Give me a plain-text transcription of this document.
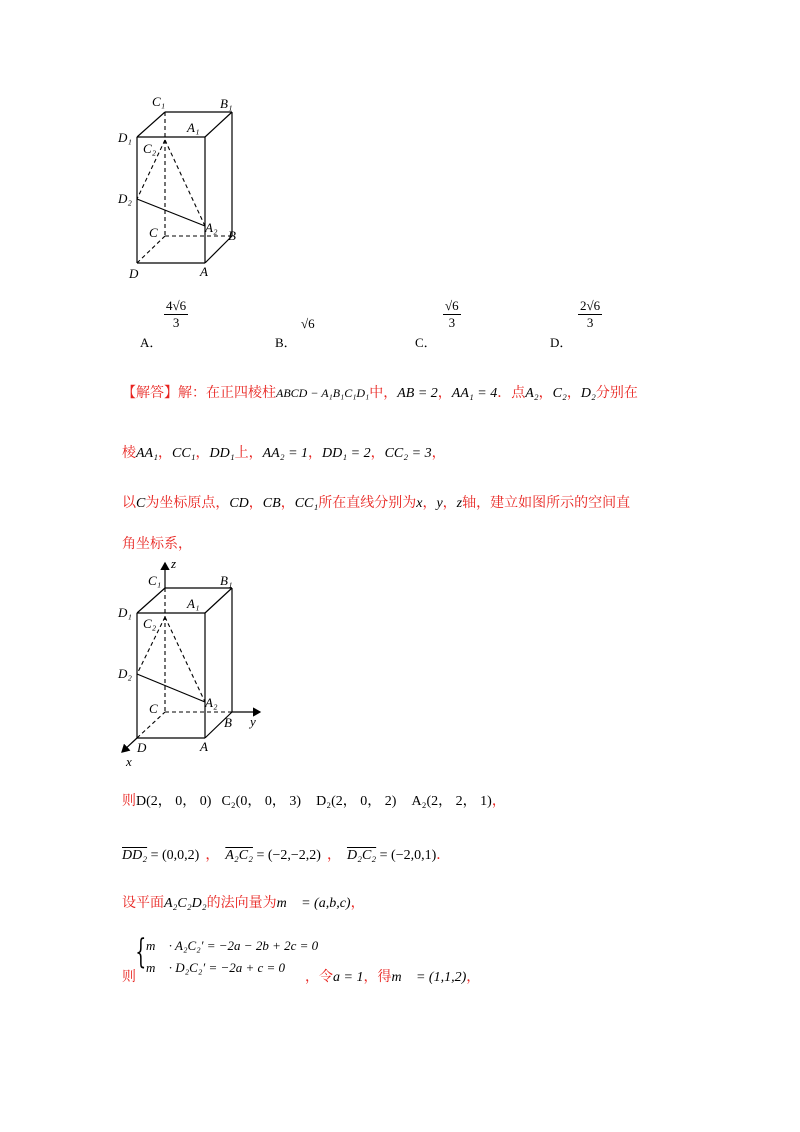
C₁	B₁
D₁
A₁
C₂
D₂
A₂
C	B
D	A
A．
$\frac{4√6}{3}$
B．
√6
C．
$\frac{√6}{3}$
D．
$\frac{2√6}{3}$
【解答】解：在正四棱柱ABCD − A₁B₁C₁D₁中，AB = 2，AA₁ = 4．点A₂，C₂，D₂分别在
棱AA₁，CC₁，DD₁上，AA₂ = 1，DD₁ = 2，CC₂ = 3，
以C为坐标原点，CD，CB，CC₁所在直线分别为x，y，z轴，建立如图所示的空间直
角坐标系，
z
y
x
C₁	B₁
D₁
A₁
C₂
D₂
A₂
C
B
D	A
则D(2， 0， 0) C₂(0， 0， 3) D₂(2， 0， 2) A₂(2， 2， 1)，
DD₂ = (0,0,2) ， A₂C₂ = (−2,−2,2) ， D₂C₂ = (−2,0,1)．
设平面A₂C₂D₂的法向量为m⃗ = (a,b,c)，
则
{ m⃗ · A₂C₂′ = −2a − 2b + 2c = 0
m⃗ · D₂C₂′ = −2a + c = 0
，令a = 1，得m⃗ = (1,1,2)，
